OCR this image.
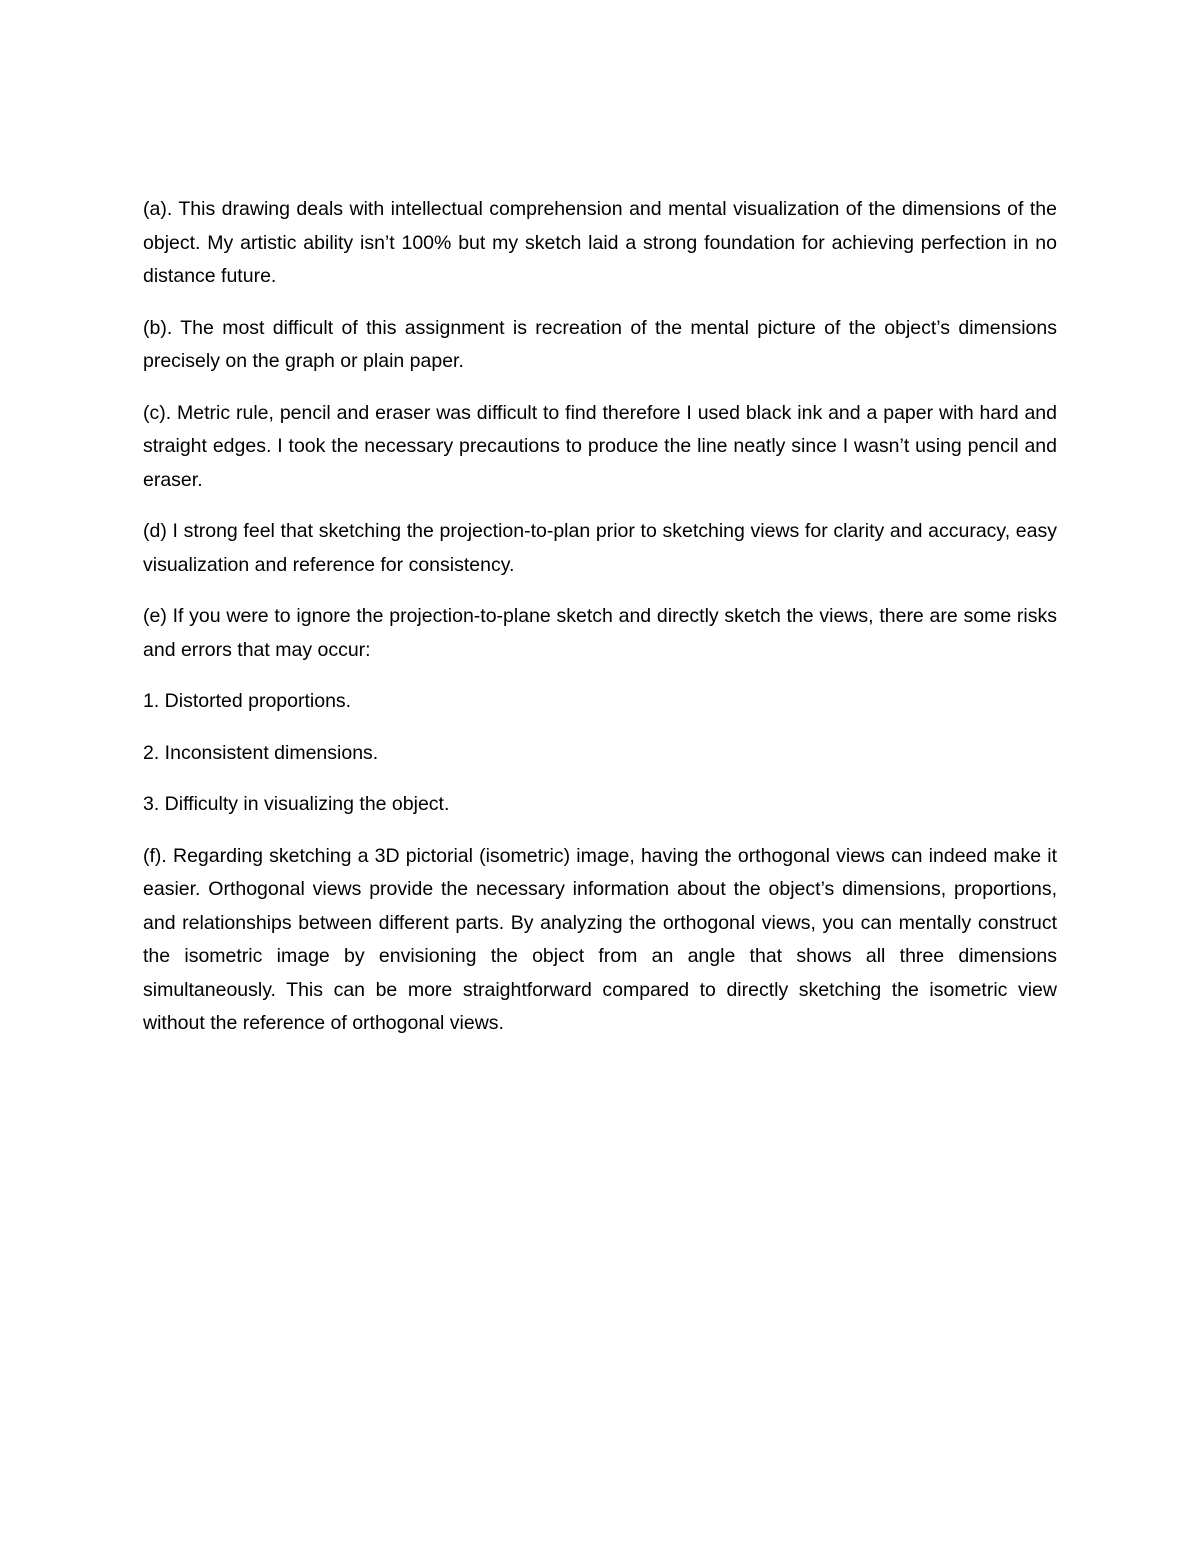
(a). This drawing deals with intellectual comprehension and mental visualization of the dimensions of the object. My artistic ability isn’t 100% but my sketch laid a strong foundation for achieving perfection in no distance future.

(b). The most difficult of this assignment is recreation of the mental picture of the object’s dimensions precisely on the graph or plain paper.

(c). Metric rule, pencil and eraser was difficult to find therefore I used black ink and a paper with hard and straight edges. I took the necessary precautions to produce the line neatly since I wasn’t using pencil and eraser.

(d) I strong feel that sketching the projection-to-plan prior to sketching views for clarity and accuracy, easy visualization and reference for consistency.

(e) If you were to ignore the projection-to-plane sketch and directly sketch the views, there are some risks and errors that may occur:

1. Distorted proportions.

2. Inconsistent dimensions.

3. Difficulty in visualizing the object.

(f). Regarding sketching a 3D pictorial (isometric) image, having the orthogonal views can indeed make it easier. Orthogonal views provide the necessary information about the object’s dimensions, proportions, and relationships between different parts. By analyzing the orthogonal views, you can mentally construct the isometric image by envisioning the object from an angle that shows all three dimensions simultaneously. This can be more straightforward compared to directly sketching the isometric view without the reference of orthogonal views.
